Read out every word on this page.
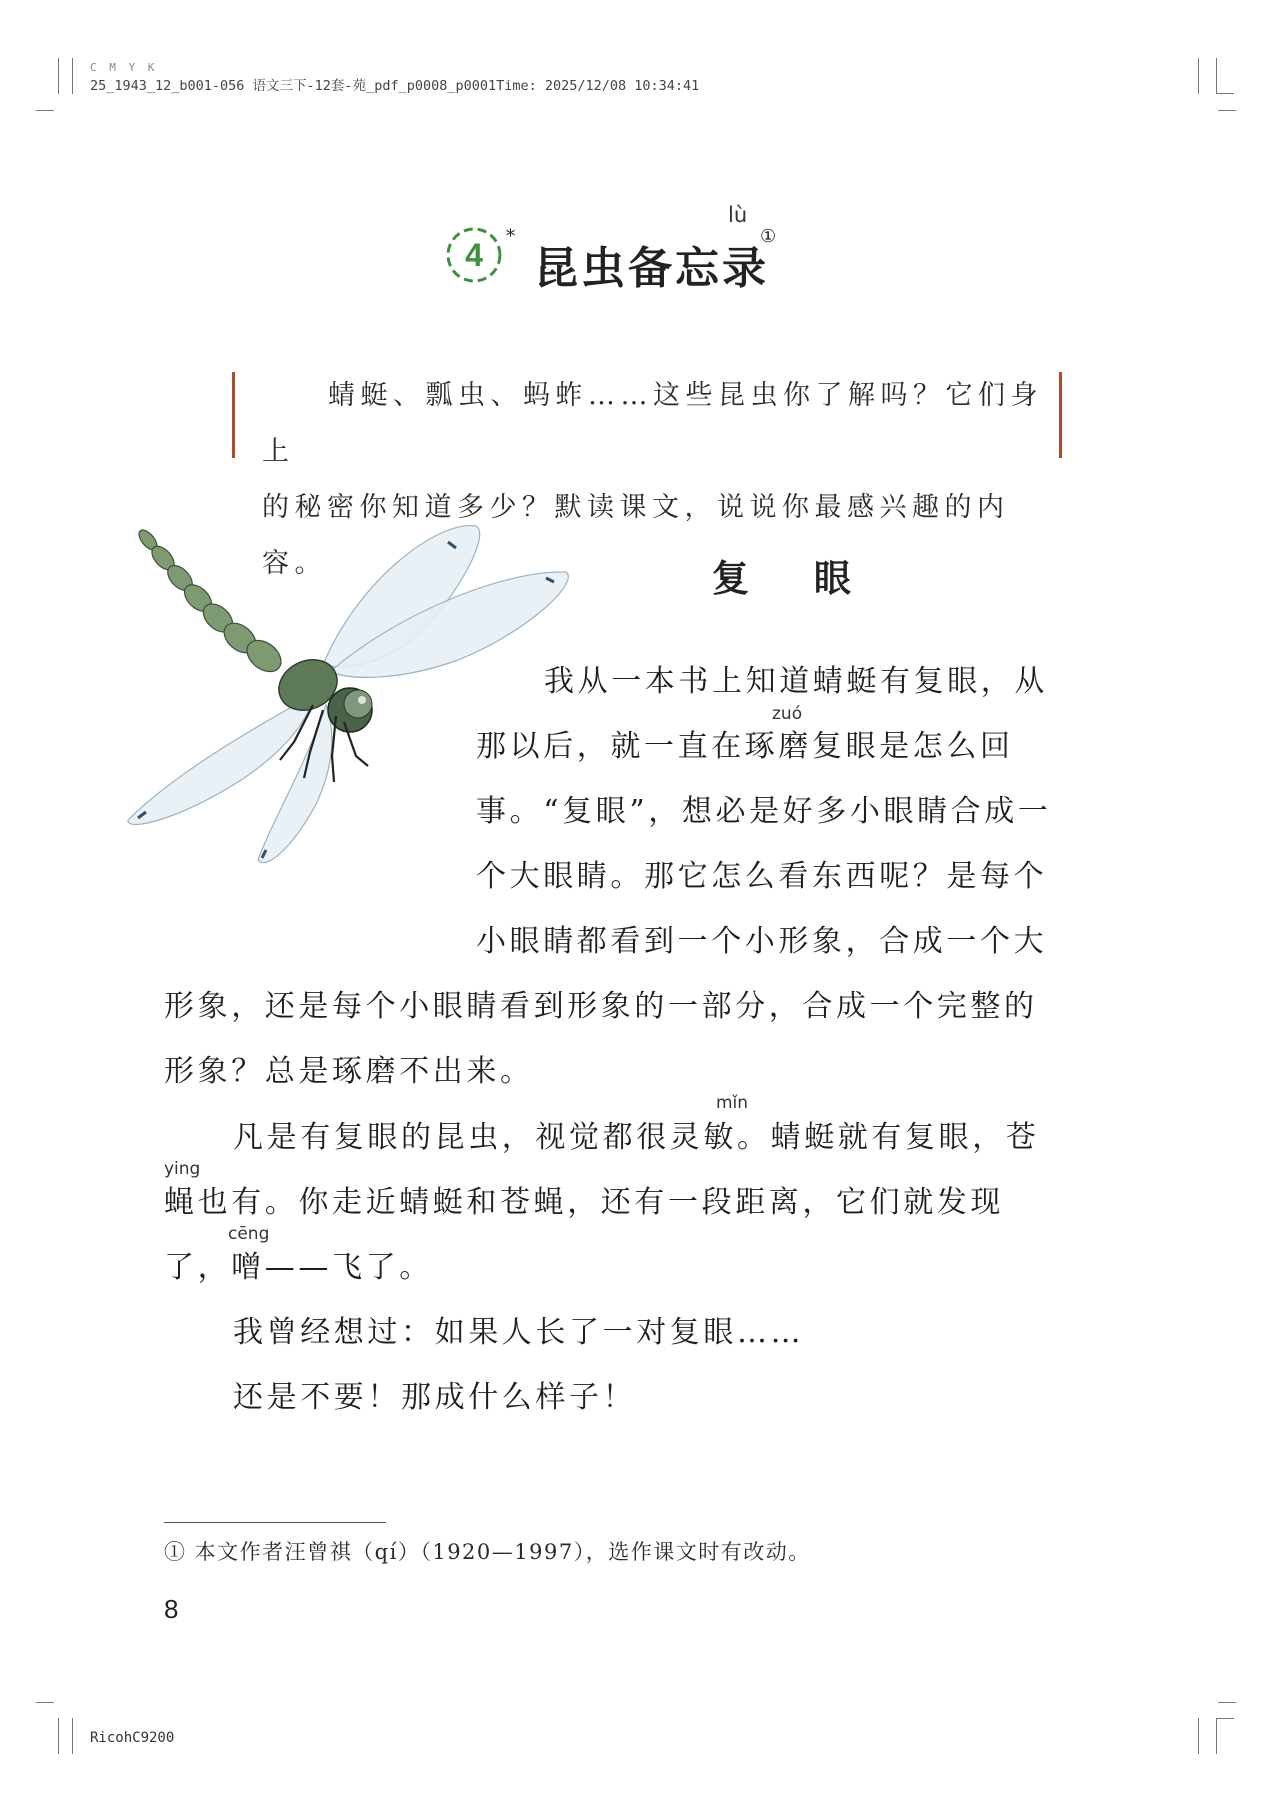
C M Y K
25_1943_12_b001-056 语文三下-12套-苑_pdf_p0008_p0001Time: 2025/12/08 10:34:41
RicohC9200
4
*
昆虫备忘录
lù
①
蜻蜓、瓢虫、蚂蚱……这些昆虫你了解吗？它们身上
的秘密你知道多少？默读课文，说说你最感兴趣的内容。	复 眼
我从一本书上知道蜻蜓有复眼，从
zuó
那以后，就一直在琢磨复眼是怎么回
事。“复眼”，想必是好多小眼睛合成一
个大眼睛。那它怎么看东西呢？是每个
小眼睛都看到一个小形象，合成一个大
形象，还是每个小眼睛看到形象的一部分，合成一个完整的
形象？总是琢磨不出来。
mǐn
凡是有复眼的昆虫，视觉都很灵敏。蜻蜓就有复眼，苍
ying
蝇也有。你走近蜻蜓和苍蝇，还有一段距离，它们就发现
cēng
了，噌——飞了。
我曾经想过：如果人长了一对复眼……
还是不要！那成什么样子！
① 本文作者汪曾祺（qí）（1920—1997），选作课文时有改动。
8
